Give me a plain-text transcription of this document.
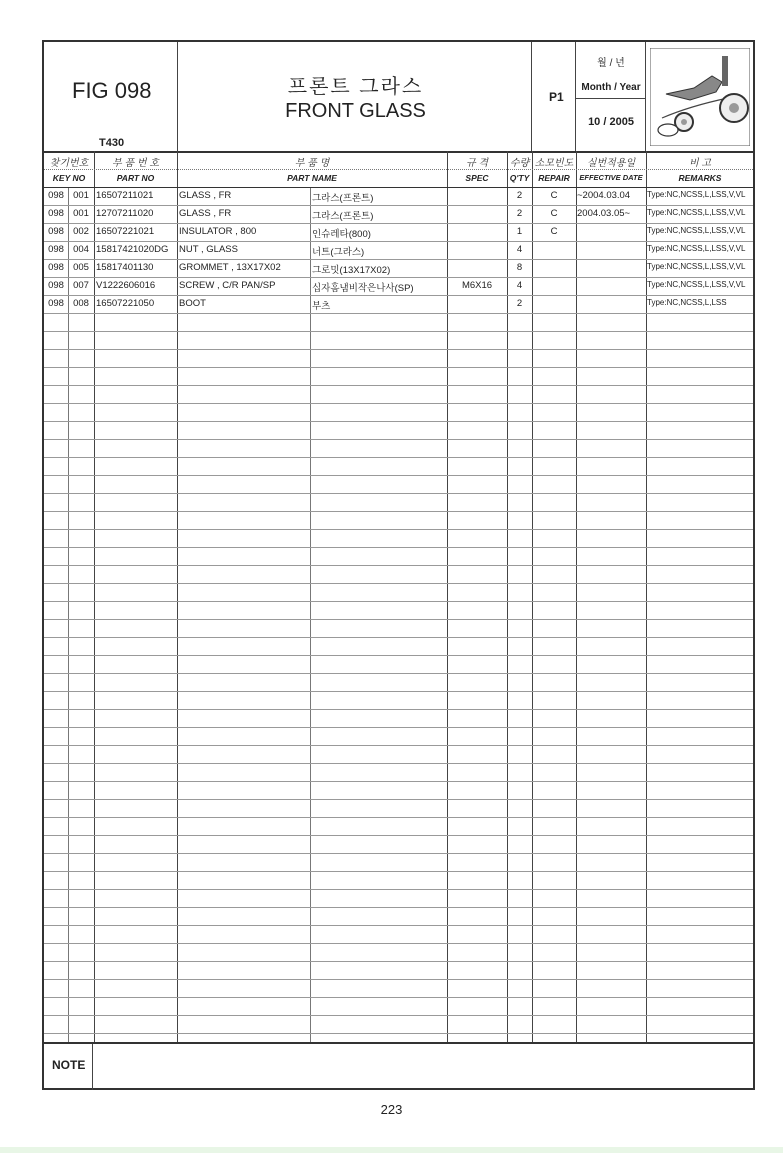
FIG 098
T430
프론트 그라스
FRONT GLASS
P1
월 / 년
Month / Year
10 / 2005
찾기번호
KEY NO
부 품 번 호
PART NO
부 품 명
PART NAME
규 격
SPEC
수량
Q'TY
소모빈도
REPAIR
실번적용일
EFFECTIVE DATE
비 고
REMARKS
098 001 16507211021	GLASS , FR	그라스(프론트)	2	C	~2004.03.04	Type:NC,NCSS,L,LSS,V,VL
098 001 12707211020	GLASS , FR	그라스(프론트)	2	C	2004.03.05~	Type:NC,NCSS,L,LSS,V,VL
098 002 16507221021	INSULATOR , 800	인슈레타(800)	1	C	Type:NC,NCSS,L,LSS,V,VL
098 004 15817421020DG	NUT , GLASS	너트(그라스)	4	Type:NC,NCSS,L,LSS,V,VL
098 005 15817401130	GROMMET , 13X17X02	그로밋(13X17X02)	8	Type:NC,NCSS,L,LSS,V,VL
098 007 V1222606016	SCREW , C/R PAN/SP	십자홈냄비작은나사(SP)	M6X16	4	Type:NC,NCSS,L,LSS,V,VL
098 008 16507221050	BOOT	부츠	2	Type:NC,NCSS,L,LSS
NOTE
223
